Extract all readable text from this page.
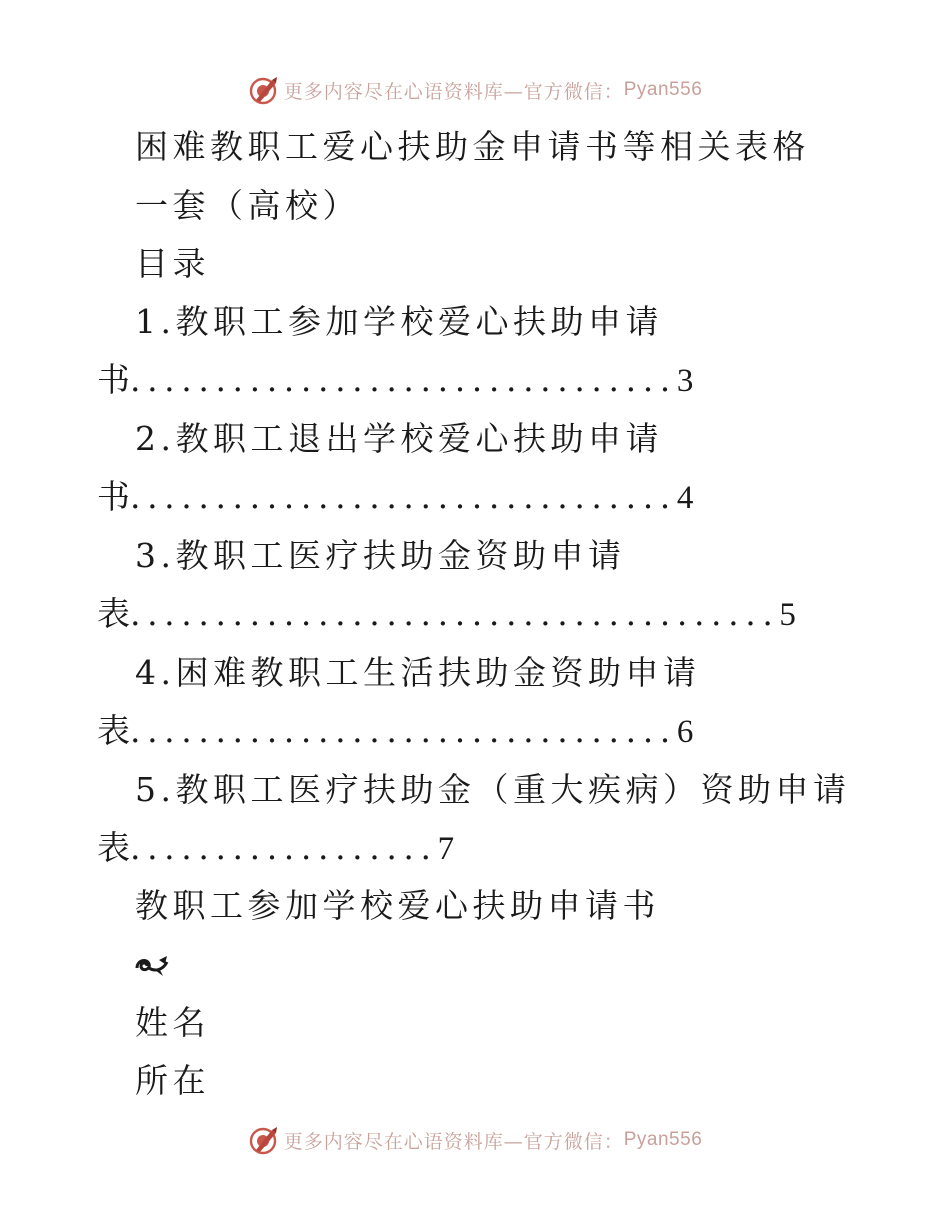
更多内容尽在心语资料库—官方微信： Pyan556
困难教职工爱心扶助金申请书等相关表格
一套（高校）
目录
1.教职工参加学校爱心扶助申请
书................................3
2.教职工退出学校爱心扶助申请
书................................4
3.教职工医疗扶助金资助申请
表......................................5
4.困难教职工生活扶助金资助申请
表................................6
5.教职工医疗扶助金（重大疾病）资助申请
表..................7
教职工参加学校爱心扶助申请书
姓名
所在
更多内容尽在心语资料库—官方微信： Pyan556
